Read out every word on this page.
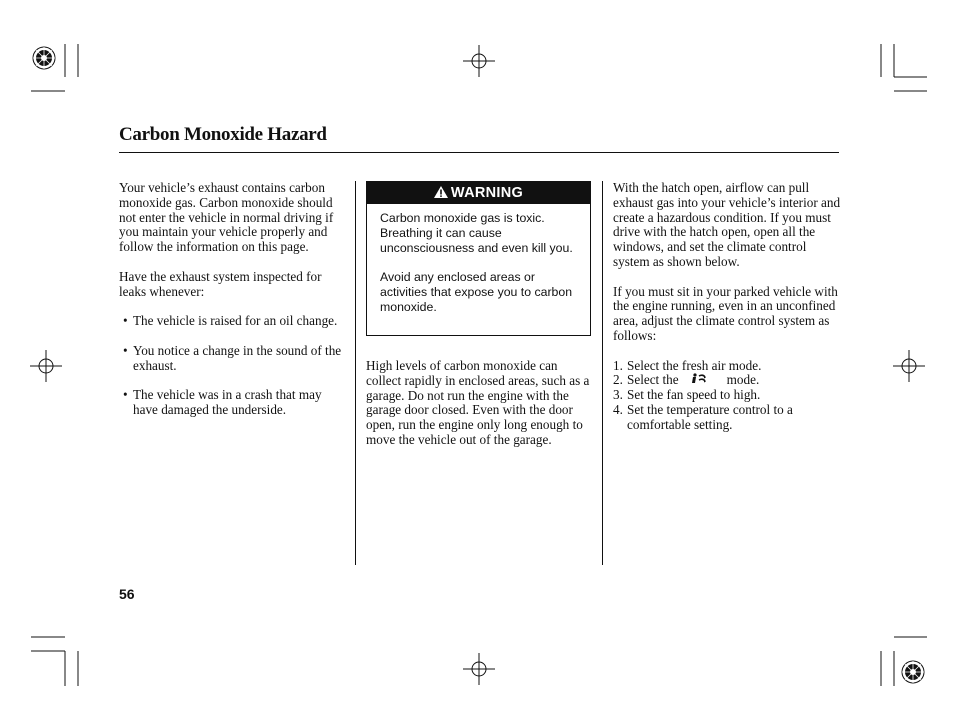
Carbon Monoxide Hazard

Your vehicle’s exhaust contains carbon monoxide gas. Carbon monoxide should not enter the vehicle in normal driving if you maintain your vehicle properly and follow the information on this page.

Have the exhaust system inspected for leaks whenever:

• The vehicle is raised for an oil change.
• You notice a change in the sound of the exhaust.
• The vehicle was in a crash that may have damaged the underside.
WARNING

Carbon monoxide gas is toxic. Breathing it can cause unconsciousness and even kill you.

Avoid any enclosed areas or activities that expose you to carbon monoxide.

High levels of carbon monoxide can collect rapidly in enclosed areas, such as a garage. Do not run the engine with the garage door closed. Even with the door open, run the engine only long enough to move the vehicle out of the garage.

With the hatch open, airflow can pull exhaust gas into your vehicle’s interior and create a hazardous condition. If you must drive with the hatch open, open all the windows, and set the climate control system as shown below.

If you must sit in your parked vehicle with the engine running, even in an unconfined area, adjust the climate control system as follows:

1. Select the fresh air mode.
2. Select the	mode.
3. Set the fan speed to high.
4. Set the temperature control to a comfortable setting.
56
